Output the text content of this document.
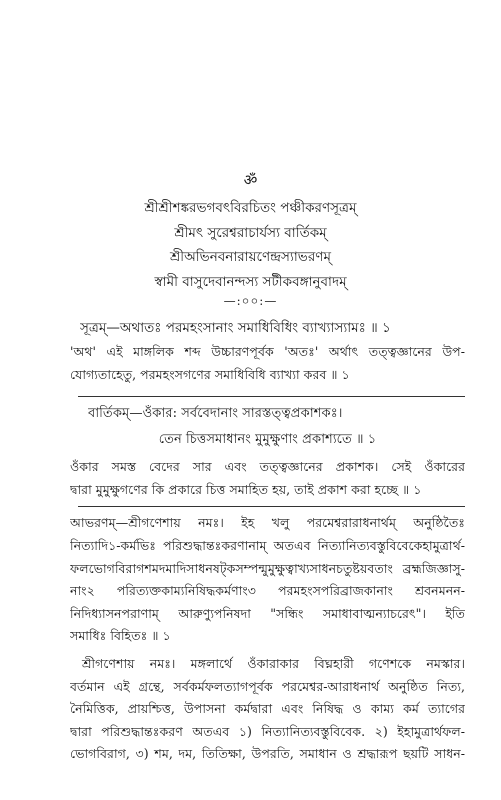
ॐ
শ্রীশ্রীশঙ্করভগবৎবিরচিতং পঞ্চীকরণসূত্রম্
শ্রীমৎ সুরেশ্বরাচার্যস্য বার্তিকম্
শ্রীঅভিনবনারায়ণেন্দ্রস্যাভরণম্
স্বামী বাসুদেবানন্দস্য সটীকবঙ্গানুবাদম্
—:০০:—
সূত্রম্—অথাতঃ পরমহংসানাং সমাধিবিধিং ব্যাখ্যাস্যামঃ ॥ ১
'অথ' এই মাঙ্গলিক শব্দ উচ্চারণপূর্বক 'অতঃ' অর্থাৎ তত্ত্বজ্ঞানের উপ-
যোগ্যতাহেতু, পরমহংসগণের সমাধিবিধি ব্যাখ্যা করব ॥ ১
বার্তিকম্—ওঁকার: সর্ববেদানাং সারস্তত্ত্বপ্রকাশকঃ।
তেন চিত্তসমাধানং মুমুক্ষুণাং প্রকাশ্যতে ॥ ১
ওঁকার সমস্ত বেদের সার এবং তত্ত্বজ্ঞানের প্রকাশক। সেই ওঁকারের
দ্বারা মুমুক্ষুগণের কি প্রকারে চিত্ত সমাহিত হয়, তাই প্রকাশ করা হচ্ছে ॥ ১
আভরণম্—শ্রীগণেশায় নমঃ। ইহ খলু পরমেশ্বরারাধনার্থম্ অনুষ্ঠিতৈঃ
নিত্যাদি১-কর্মভিঃ পরিশুদ্ধান্তঃকরণানাম্ অতএব নিত্যানিত্যবস্তুবিবেকেহামুত্রার্থ-
ফলভোগবিরাগশমদমাদিসাধনষট্‌কসম্পন্মুমুক্ষুত্বাখ্যসাধনচতুষ্টয়বতাং ব্রহ্মজিজ্ঞাসু-
নাং২ পরিত্যক্তকাম্যনিষিদ্ধকর্মণাং৩ পরমহংসপরিব্রাজকানাং শ্রবনমনন-
নিদিধ্যাসনপরাণাম্ আরুণ্যুপনিষদা "সন্ধিং সমাধাবাত্মন্যাচরেৎ"। ইতি
সমাধিঃ বিহিতঃ ॥ ১
শ্রীগণেশায় নমঃ। মঙ্গলার্থে ওঁকারাকার বিঘ্নহারী গণেশকে নমস্কার।
বর্তমান এই গ্রন্থে, সর্বকর্মফলত্যাগপূর্বক পরমেশ্বর-আরাধনার্থ অনুষ্ঠিত নিত্য,
নৈমিত্তিক, প্রায়শ্চিত্ত, উপাসনা কর্মদ্বারা এবং নিষিদ্ধ ও কাম্য কর্ম ত্যাগের
দ্বারা পরিশুদ্ধান্তঃকরণ অতএব ১) নিত্যানিত্যবস্তুবিবেক. ২) ইহামুত্রার্থফল-
ভোগবিরাগ, ৩) শম, দম, তিতিক্ষা, উপরতি, সমাধান ও শ্রদ্ধারূপ ছয়টি সাধন-
